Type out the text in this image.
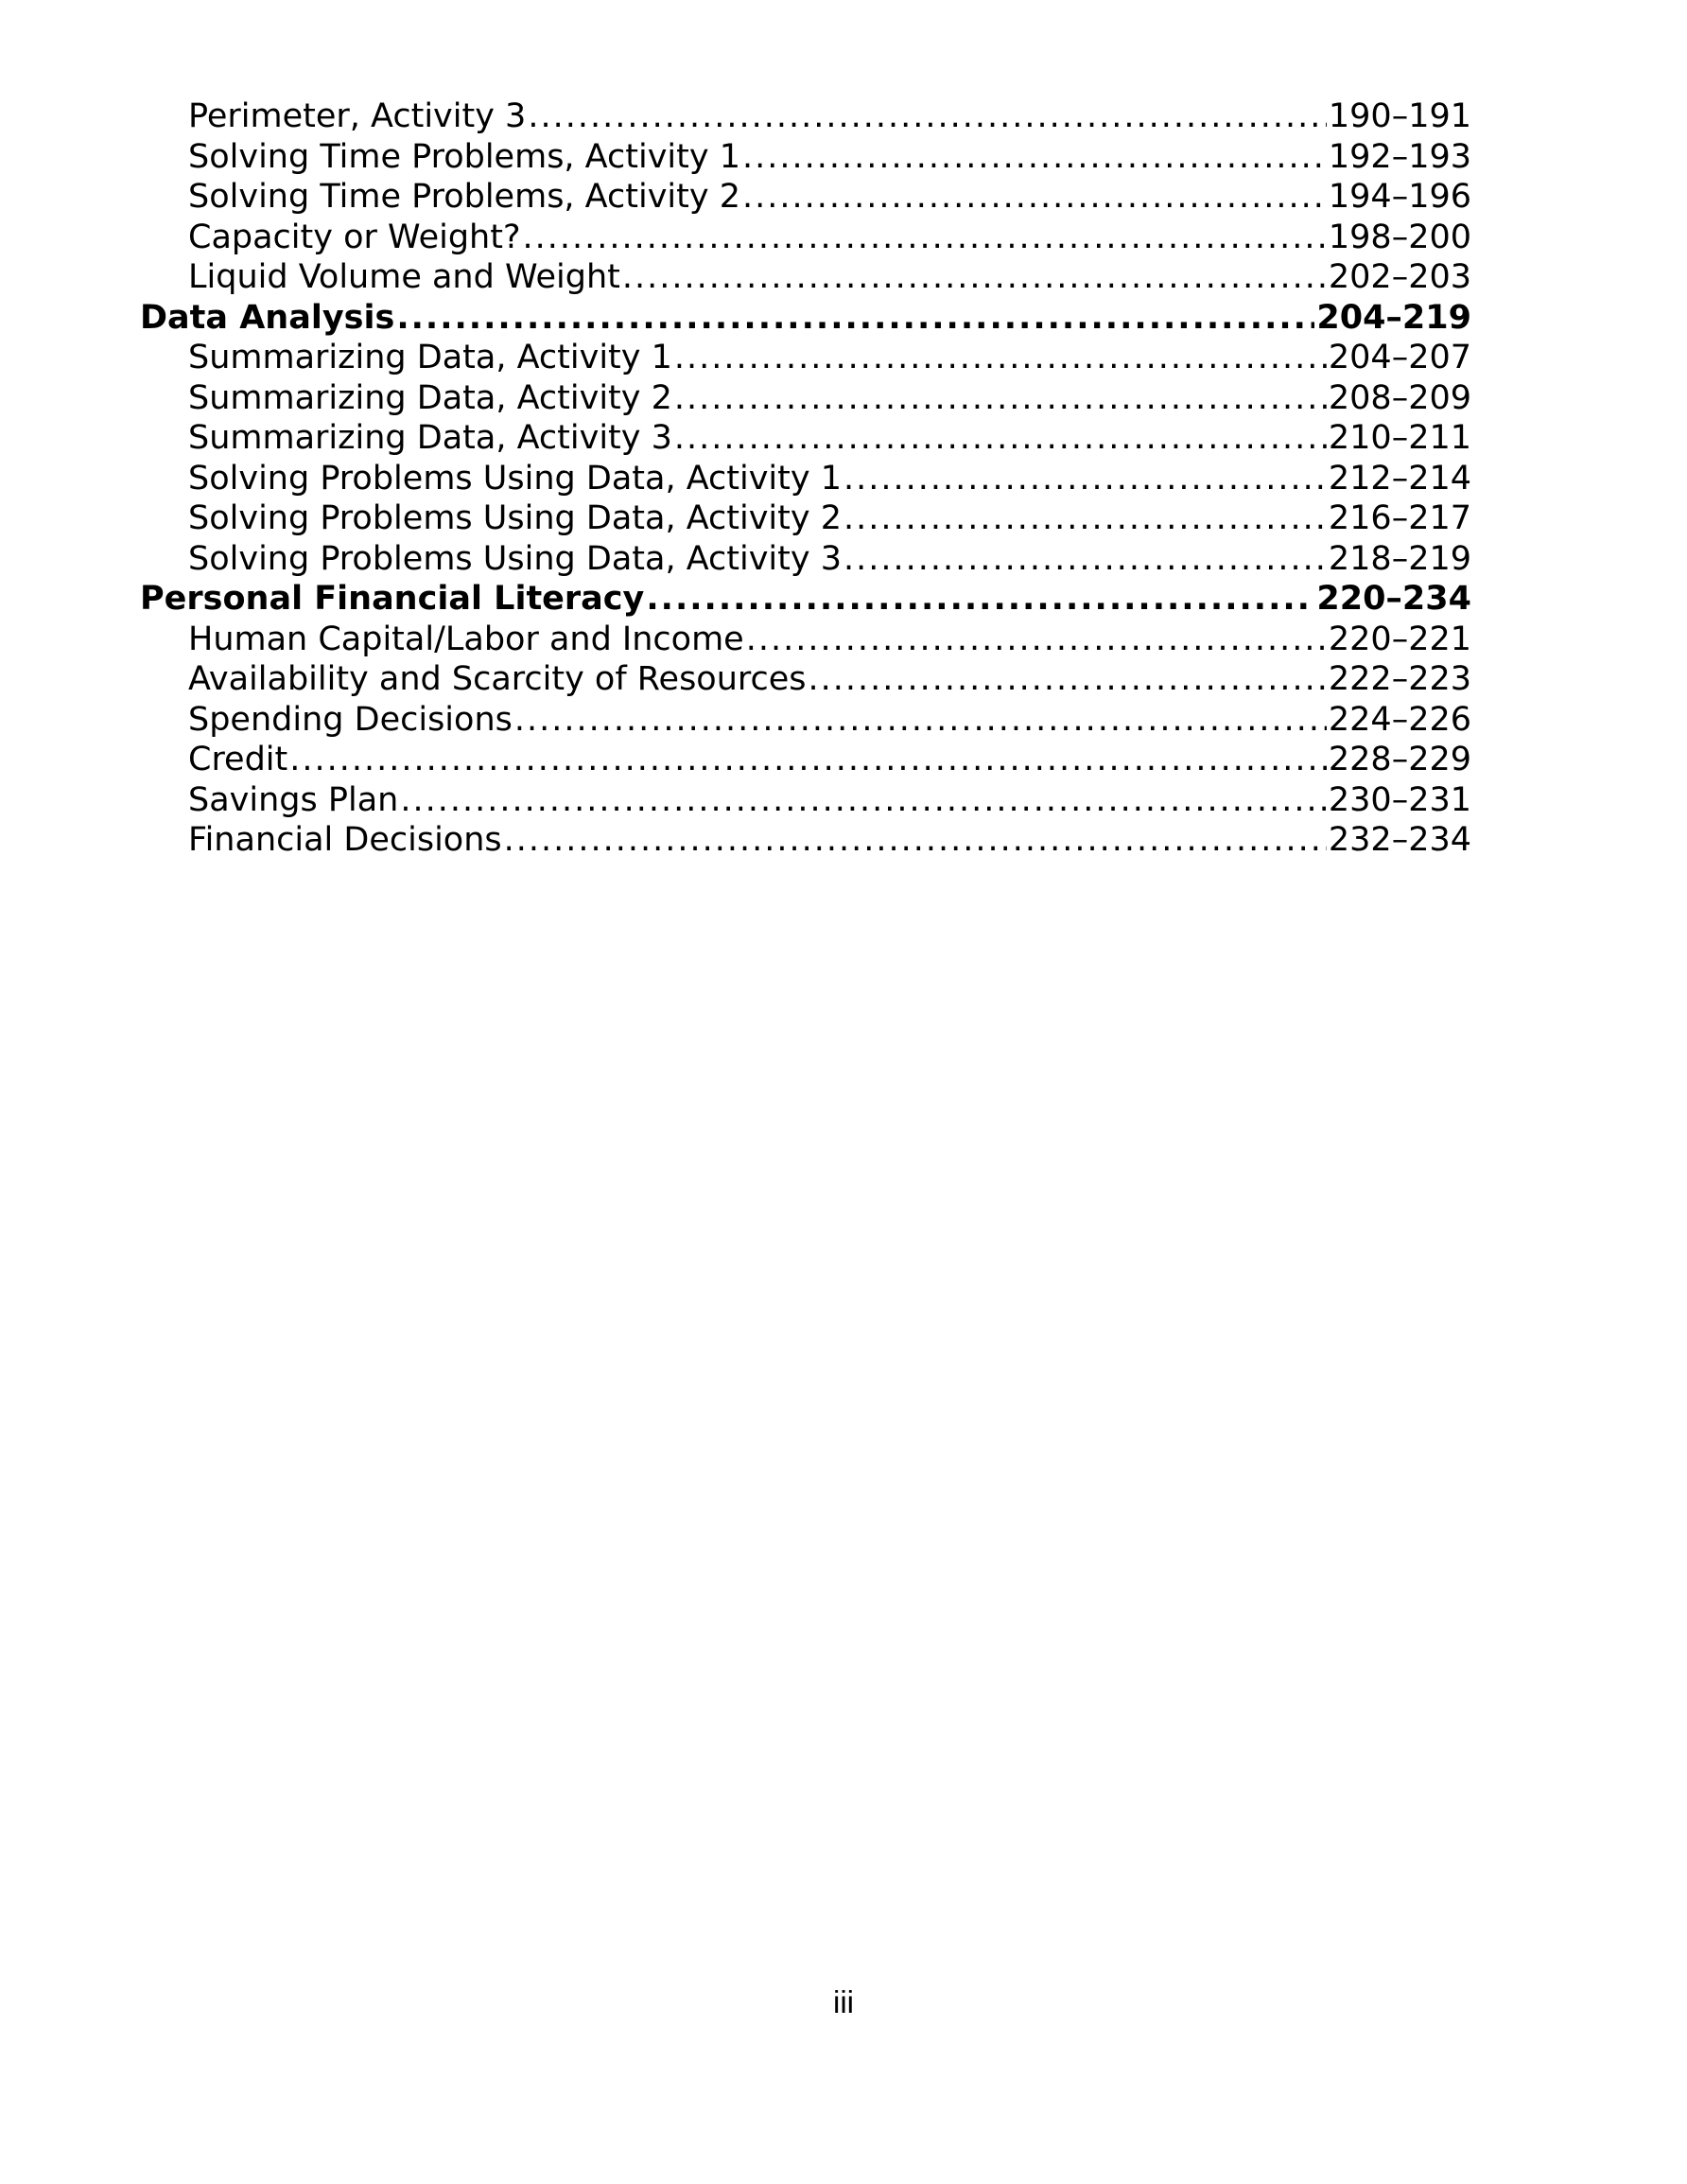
Perimeter, Activity 3 .....	190–191
Solving Time Problems, Activity 1 .....	192–193
Solving Time Problems, Activity 2 .....	194–196
Capacity or Weight? .....	198–200
Liquid Volume and Weight .....	202–203
Data Analysis .....	204–219
Summarizing Data, Activity 1 .....	204–207
Summarizing Data, Activity 2 .....	208–209
Summarizing Data, Activity 3 .....	210–211
Solving Problems Using Data, Activity 1 .....	212–214
Solving Problems Using Data, Activity 2 .....	216–217
Solving Problems Using Data, Activity 3 .....	218–219
Personal Financial Literacy .....	220–234
Human Capital/Labor and Income .....	220–221
Availability and Scarcity of Resources .....	222–223
Spending Decisions .....	224–226
Credit .....	228–229
Savings Plan .....	230–231
Financial Decisions .....	232–234
iii
